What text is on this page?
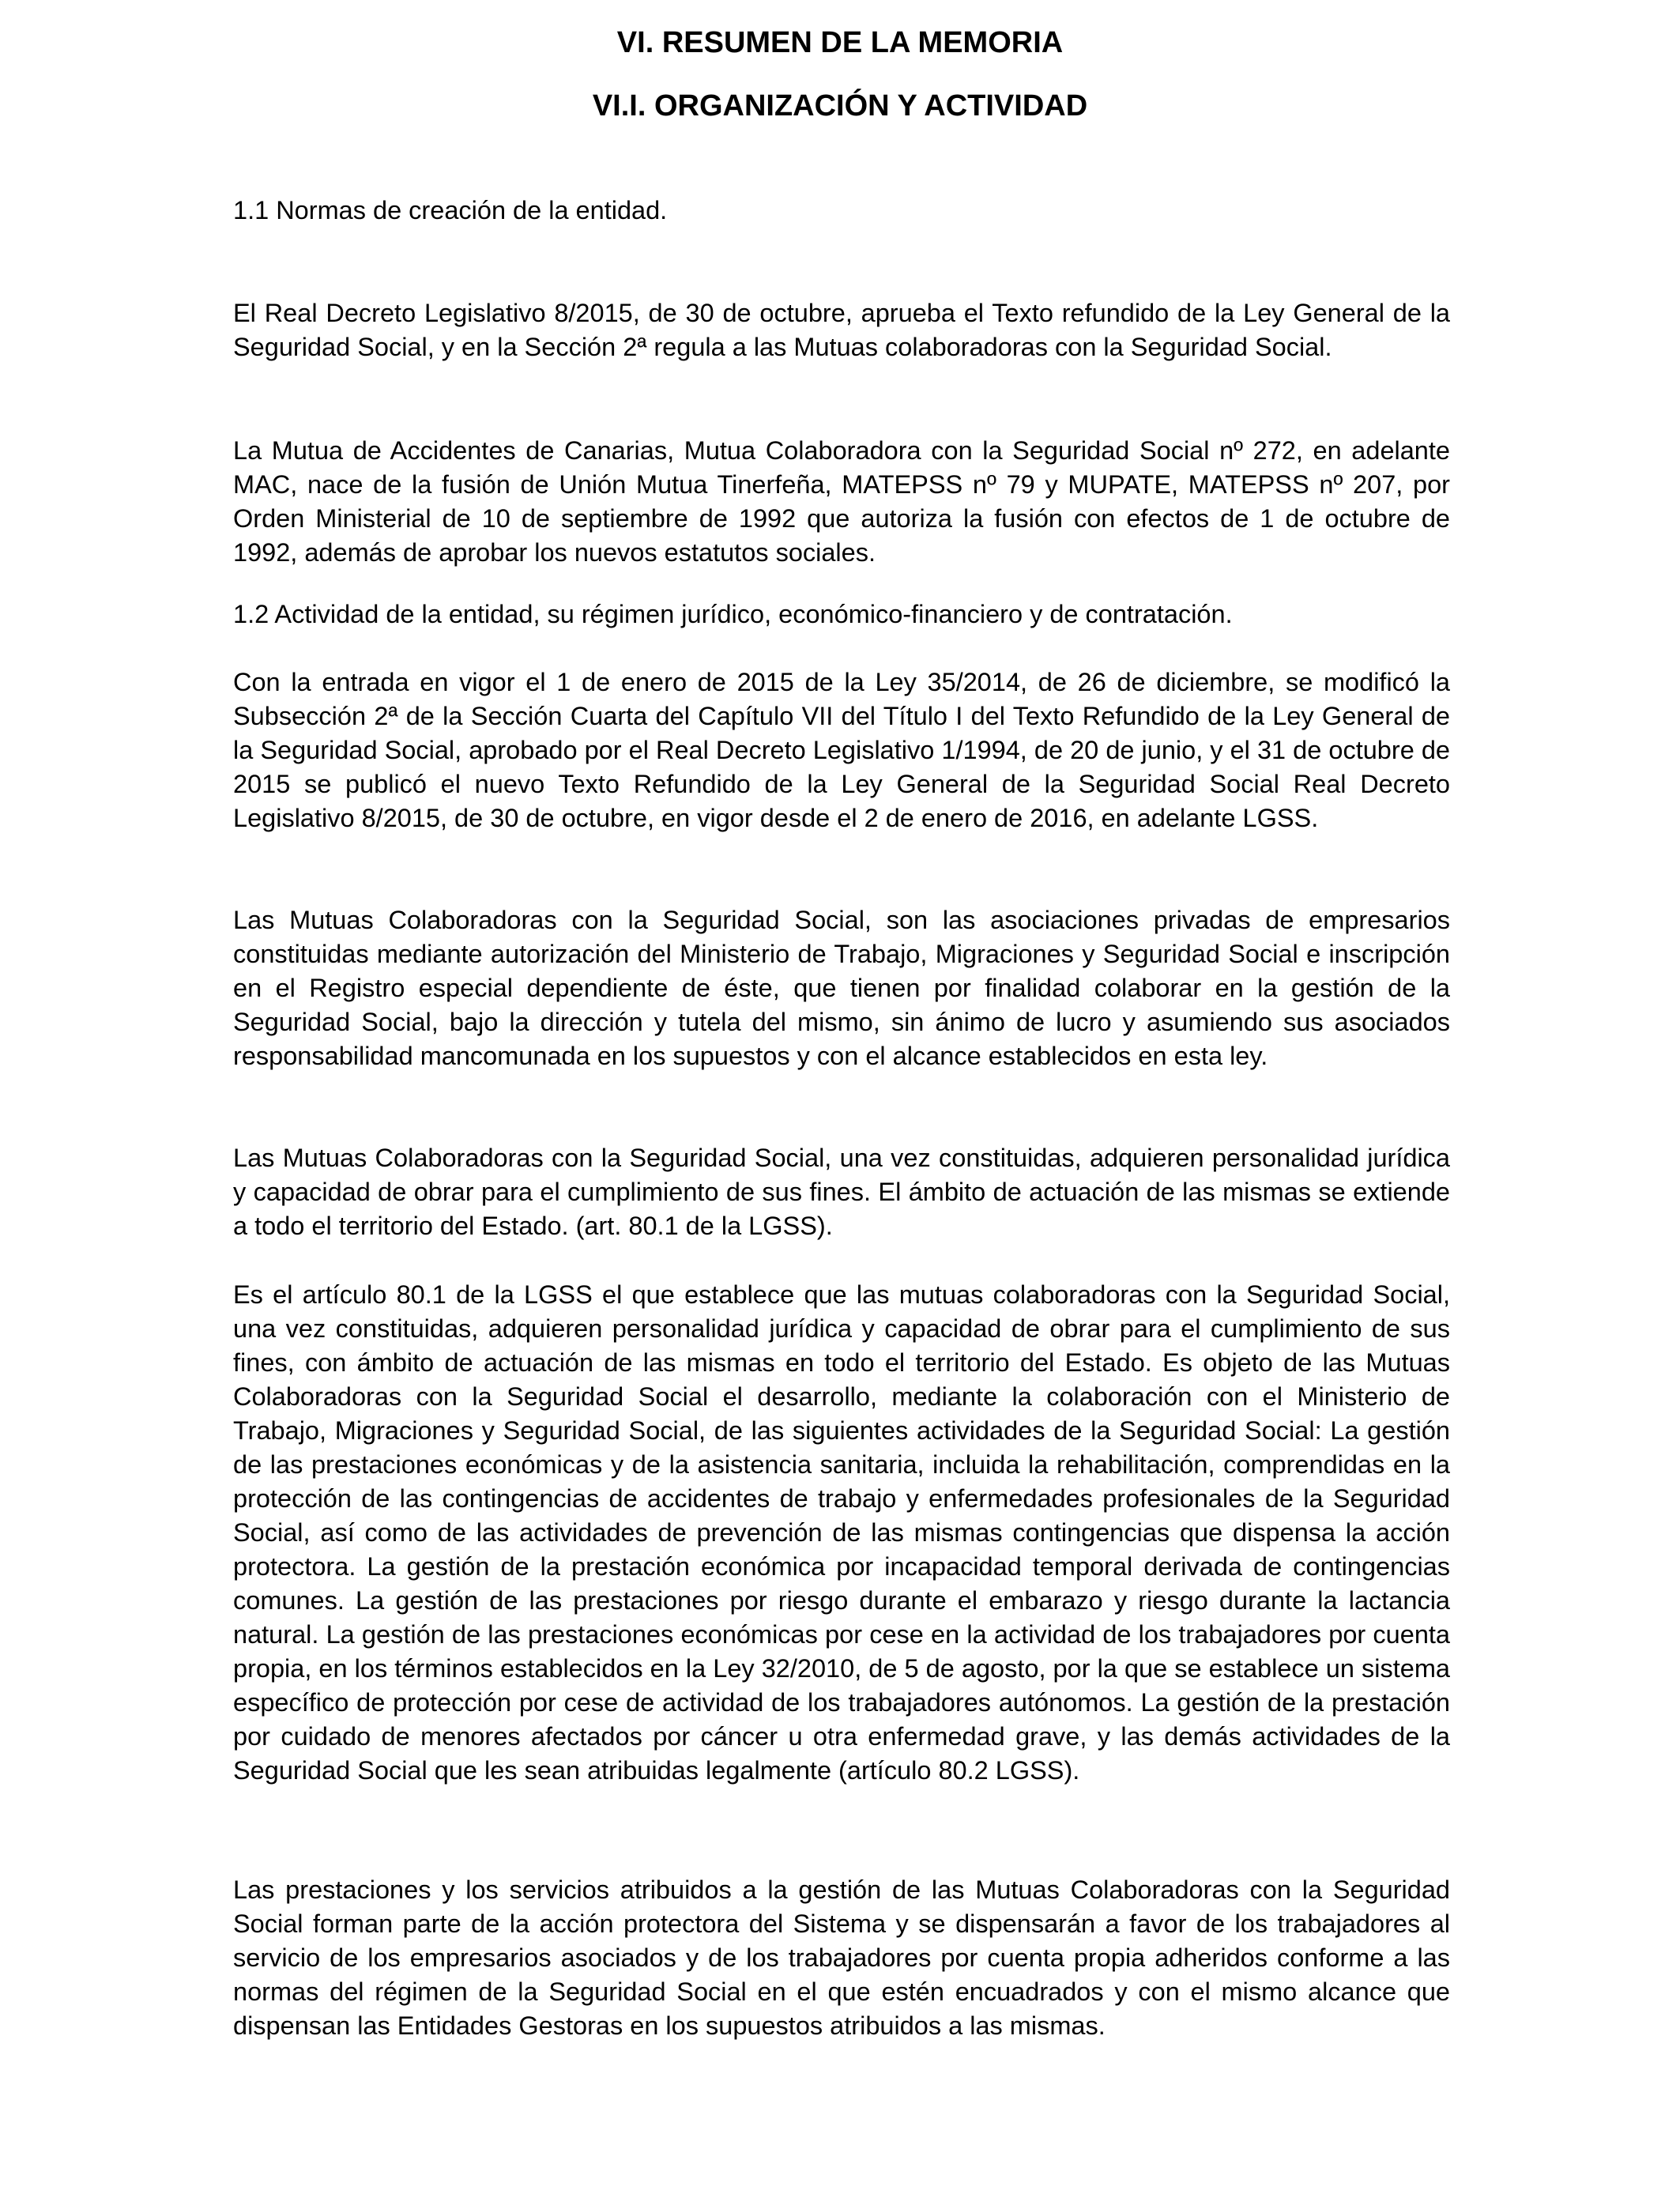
VI. RESUMEN DE LA MEMORIA
VI.I. ORGANIZACIÓN Y ACTIVIDAD

1.1 Normas de creación de la entidad.

El Real Decreto Legislativo 8/2015, de 30 de octubre, aprueba el Texto refundido de la Ley General de la Seguridad Social, y en la Sección 2ª regula a las Mutuas colaboradoras con la Seguridad Social.

La Mutua de Accidentes de Canarias, Mutua Colaboradora con la Seguridad Social nº 272, en adelante MAC, nace de la fusión de Unión Mutua Tinerfeña, MATEPSS nº 79 y MUPATE, MATEPSS nº 207, por Orden Ministerial de 10 de septiembre de 1992 que autoriza la fusión con efectos de 1 de octubre de 1992, además de aprobar los nuevos estatutos sociales.

1.2 Actividad de la entidad, su régimen jurídico, económico-financiero y de contratación.

Con la entrada en vigor el 1 de enero de 2015 de la Ley 35/2014, de 26 de diciembre, se modificó la Subsección 2ª de la Sección Cuarta del Capítulo VII del Título I del Texto Refundido de la Ley General de la Seguridad Social, aprobado por el Real Decreto Legislativo 1/1994, de 20 de junio, y el 31 de octubre de 2015 se publicó el nuevo Texto Refundido de la Ley General de la Seguridad Social Real Decreto Legislativo 8/2015, de 30 de octubre, en vigor desde el 2 de enero de 2016, en adelante LGSS.

Las Mutuas Colaboradoras con la Seguridad Social, son las asociaciones privadas de empresarios constituidas mediante autorización del Ministerio de Trabajo, Migraciones y Seguridad Social e inscripción en el Registro especial dependiente de éste, que tienen por finalidad colaborar en la gestión de la Seguridad Social, bajo la dirección y tutela del mismo, sin ánimo de lucro y asumiendo sus asociados responsabilidad mancomunada en los supuestos y con el alcance establecidos en esta ley.

Las Mutuas Colaboradoras con la Seguridad Social, una vez constituidas, adquieren personalidad jurídica y capacidad de obrar para el cumplimiento de sus fines. El ámbito de actuación de las mismas se extiende a todo el territorio del Estado. (art. 80.1 de la LGSS).

Es el artículo 80.1 de la LGSS el que establece que las mutuas colaboradoras con la Seguridad Social, una vez constituidas, adquieren personalidad jurídica y capacidad de obrar para el cumplimiento de sus fines, con ámbito de actuación de las mismas en todo el territorio del Estado. Es objeto de las Mutuas Colaboradoras con la Seguridad Social el desarrollo, mediante la colaboración con el Ministerio de Trabajo, Migraciones y Seguridad Social, de las siguientes actividades de la Seguridad Social: La gestión de las prestaciones económicas y de la asistencia sanitaria, incluida la rehabilitación, comprendidas en la protección de las contingencias de accidentes de trabajo y enfermedades profesionales de la Seguridad Social, así como de las actividades de prevención de las mismas contingencias que dispensa la acción protectora. La gestión de la prestación económica por incapacidad temporal derivada de contingencias comunes. La gestión de las prestaciones por riesgo durante el embarazo y riesgo durante la lactancia natural. La gestión de las prestaciones económicas por cese en la actividad de los trabajadores por cuenta propia, en los términos establecidos en la Ley 32/2010, de 5 de agosto, por la que se establece un sistema específico de protección por cese de actividad de los trabajadores autónomos. La gestión de la prestación por cuidado de menores afectados por cáncer u otra enfermedad grave, y las demás actividades de la Seguridad Social que les sean atribuidas legalmente (artículo 80.2 LGSS).

Las prestaciones y los servicios atribuidos a la gestión de las Mutuas Colaboradoras con la Seguridad Social forman parte de la acción protectora del Sistema y se dispensarán a favor de los trabajadores al servicio de los empresarios asociados y de los trabajadores por cuenta propia adheridos conforme a las normas del régimen de la Seguridad Social en el que estén encuadrados y con el mismo alcance que dispensan las Entidades Gestoras en los supuestos atribuidos a las mismas.
